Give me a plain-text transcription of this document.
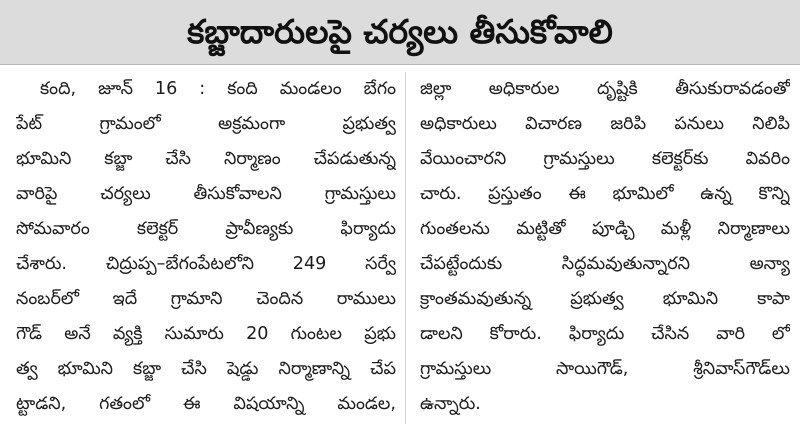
కబ్జాదారులపై చర్యలు తీసుకోవాలి
కంది, జూన్ 16 : కంది మండలం బేగం
పేట్ గ్రామంలో అక్రమంగా ప్రభుత్వ
భూమిని కబ్జా చేసి నిర్మాణం చేపడుతున్న
వారిపై చర్యలు తీసుకోవాలని గ్రామస్తులు
సోమవారం కలెక్టర్ ప్రావీణ్యకు ఫిర్యాదు
చేశారు. చిద్రుప్ప–బేగంపేటలోని 249 సర్వే
నంబర్‌లో ఇదే గ్రామాని చెందిన రాములు
గౌడ్ అనే వ్యక్తి సుమారు 20 గుంటల ప్రభు
త్వ భూమిని కబ్జా చేసి షెడ్డు నిర్మాణాన్ని చేప
ట్టాడని, గతంలో ఈ విషయాన్ని మండల,
జిల్లా అధికారుల దృష్టికి తీసుకురావడంతో
అధికారులు విచారణ జరిపి పనులు నిలిపి
వేయించారని గ్రామస్తులు కలెక్టర్‌కు వివరిం
చారు. ప్రస్తుతం ఈ భూమిలో ఉన్న కొన్ని
గుంతలను మట్టితో పూడ్చి మళ్లీ నిర్మాణాలు
చేపట్టేందుకు సిద్ధమవుతున్నారని అన్యా
క్రాంతమవుతున్న ప్రభుత్వ భూమిని కాపా
డాలని కోరారు. ఫిర్యాదు చేసిన వారి లో
గ్రామస్తులు సాయిగౌడ్, శ్రీనివాస్‌గౌడ్‌లు
ఉన్నారు.
